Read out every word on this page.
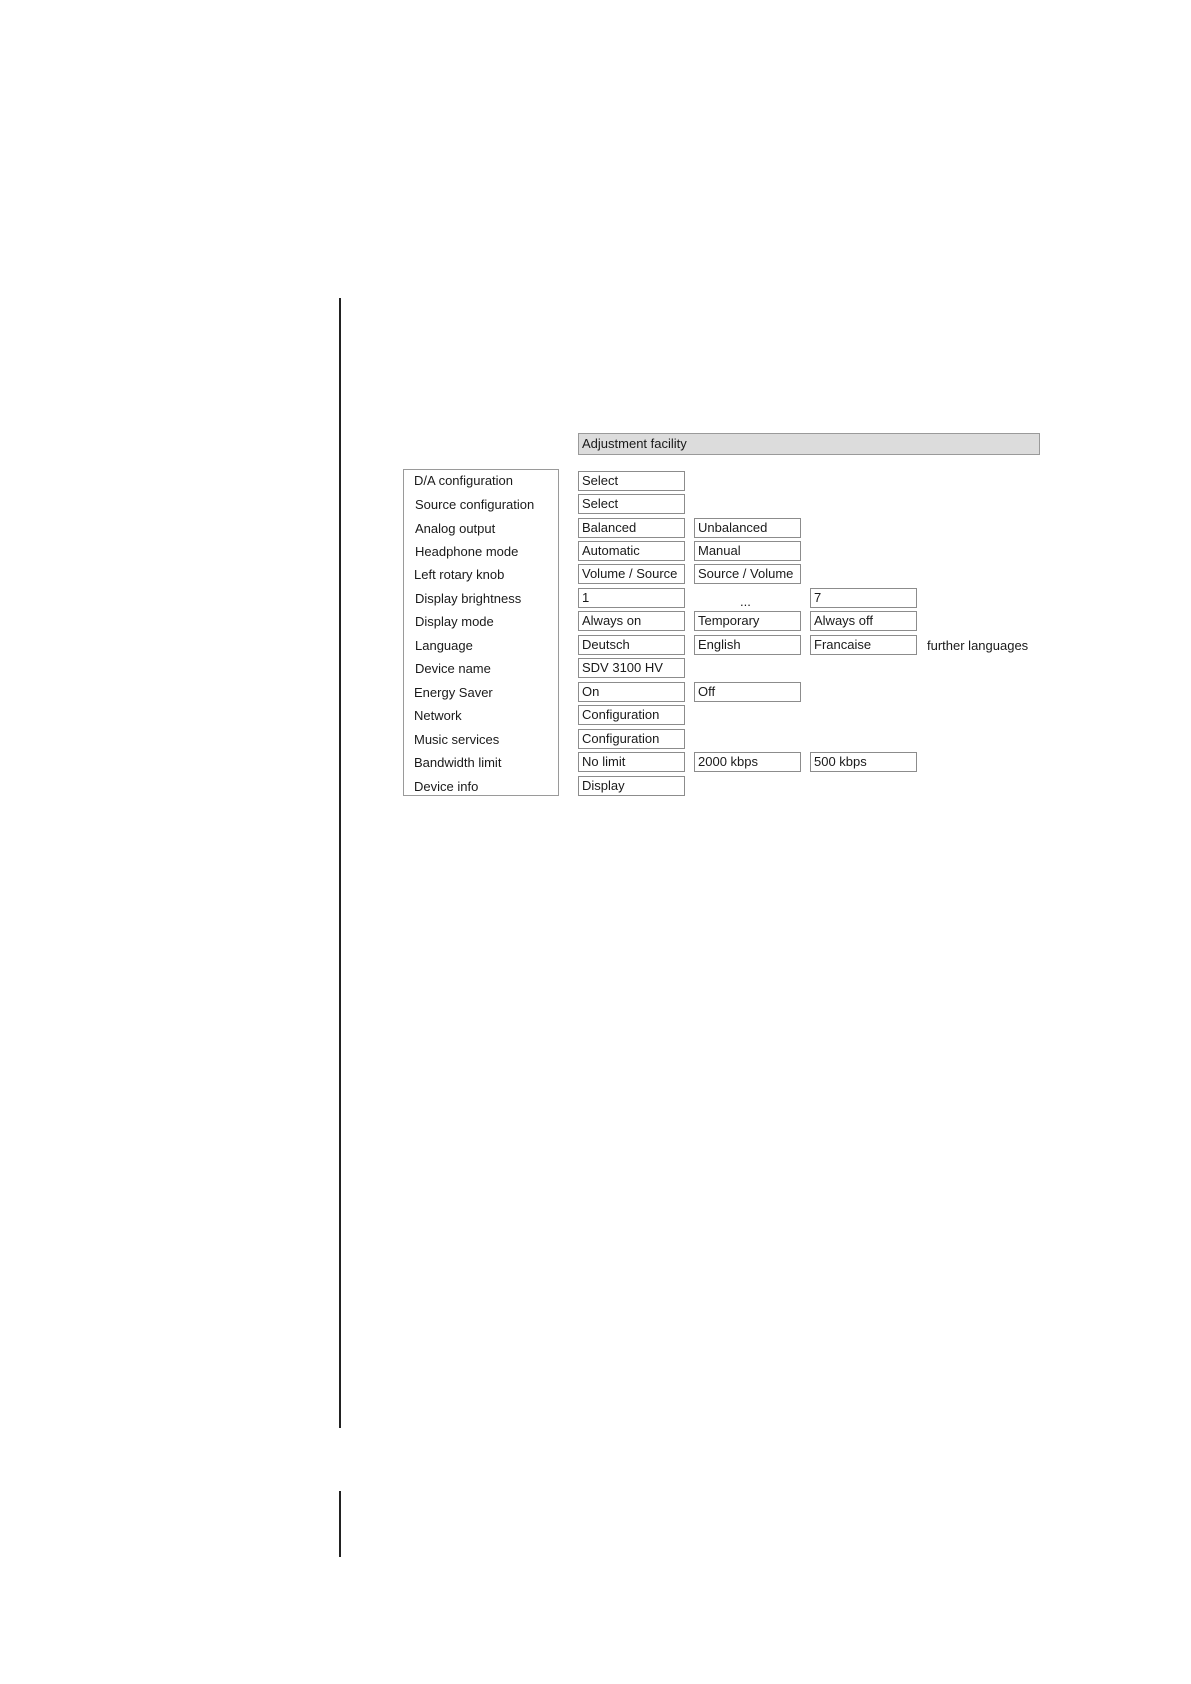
Adjustment facility
D/A configuration	Select
Source configuration	Select
Analog output	Balanced	Unbalanced
Headphone mode	Automatic	Manual
Left rotary knob	Volume / Source	Source / Volume
Display brightness	1	...	7
Display mode	Always on	Temporary	Always off
Language	Deutsch	English	Francaise	further languages
Device name	SDV 3100 HV
Energy Saver	On	Off
Network	Configuration
Music services	Configuration
Bandwidth limit	No limit	2000 kbps	500 kbps
Device info	Display
